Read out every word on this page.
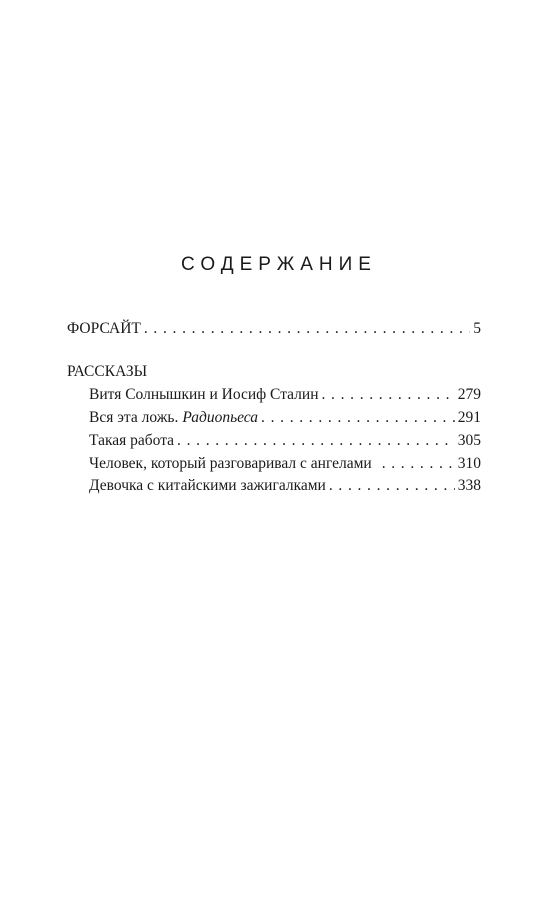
СОДЕРЖАНИЕ
ФОРСАЙТ . . .	5
РАССКАЗЫ
Витя Солнышкин и Иосиф Сталин . . .	279
Вся эта ложь. Радиопьеса . . .	291
Такая работа . . .	305
Человек, который разговаривал с ангелами . . .	310
Девочка с китайскими зажигалками . . .	338
